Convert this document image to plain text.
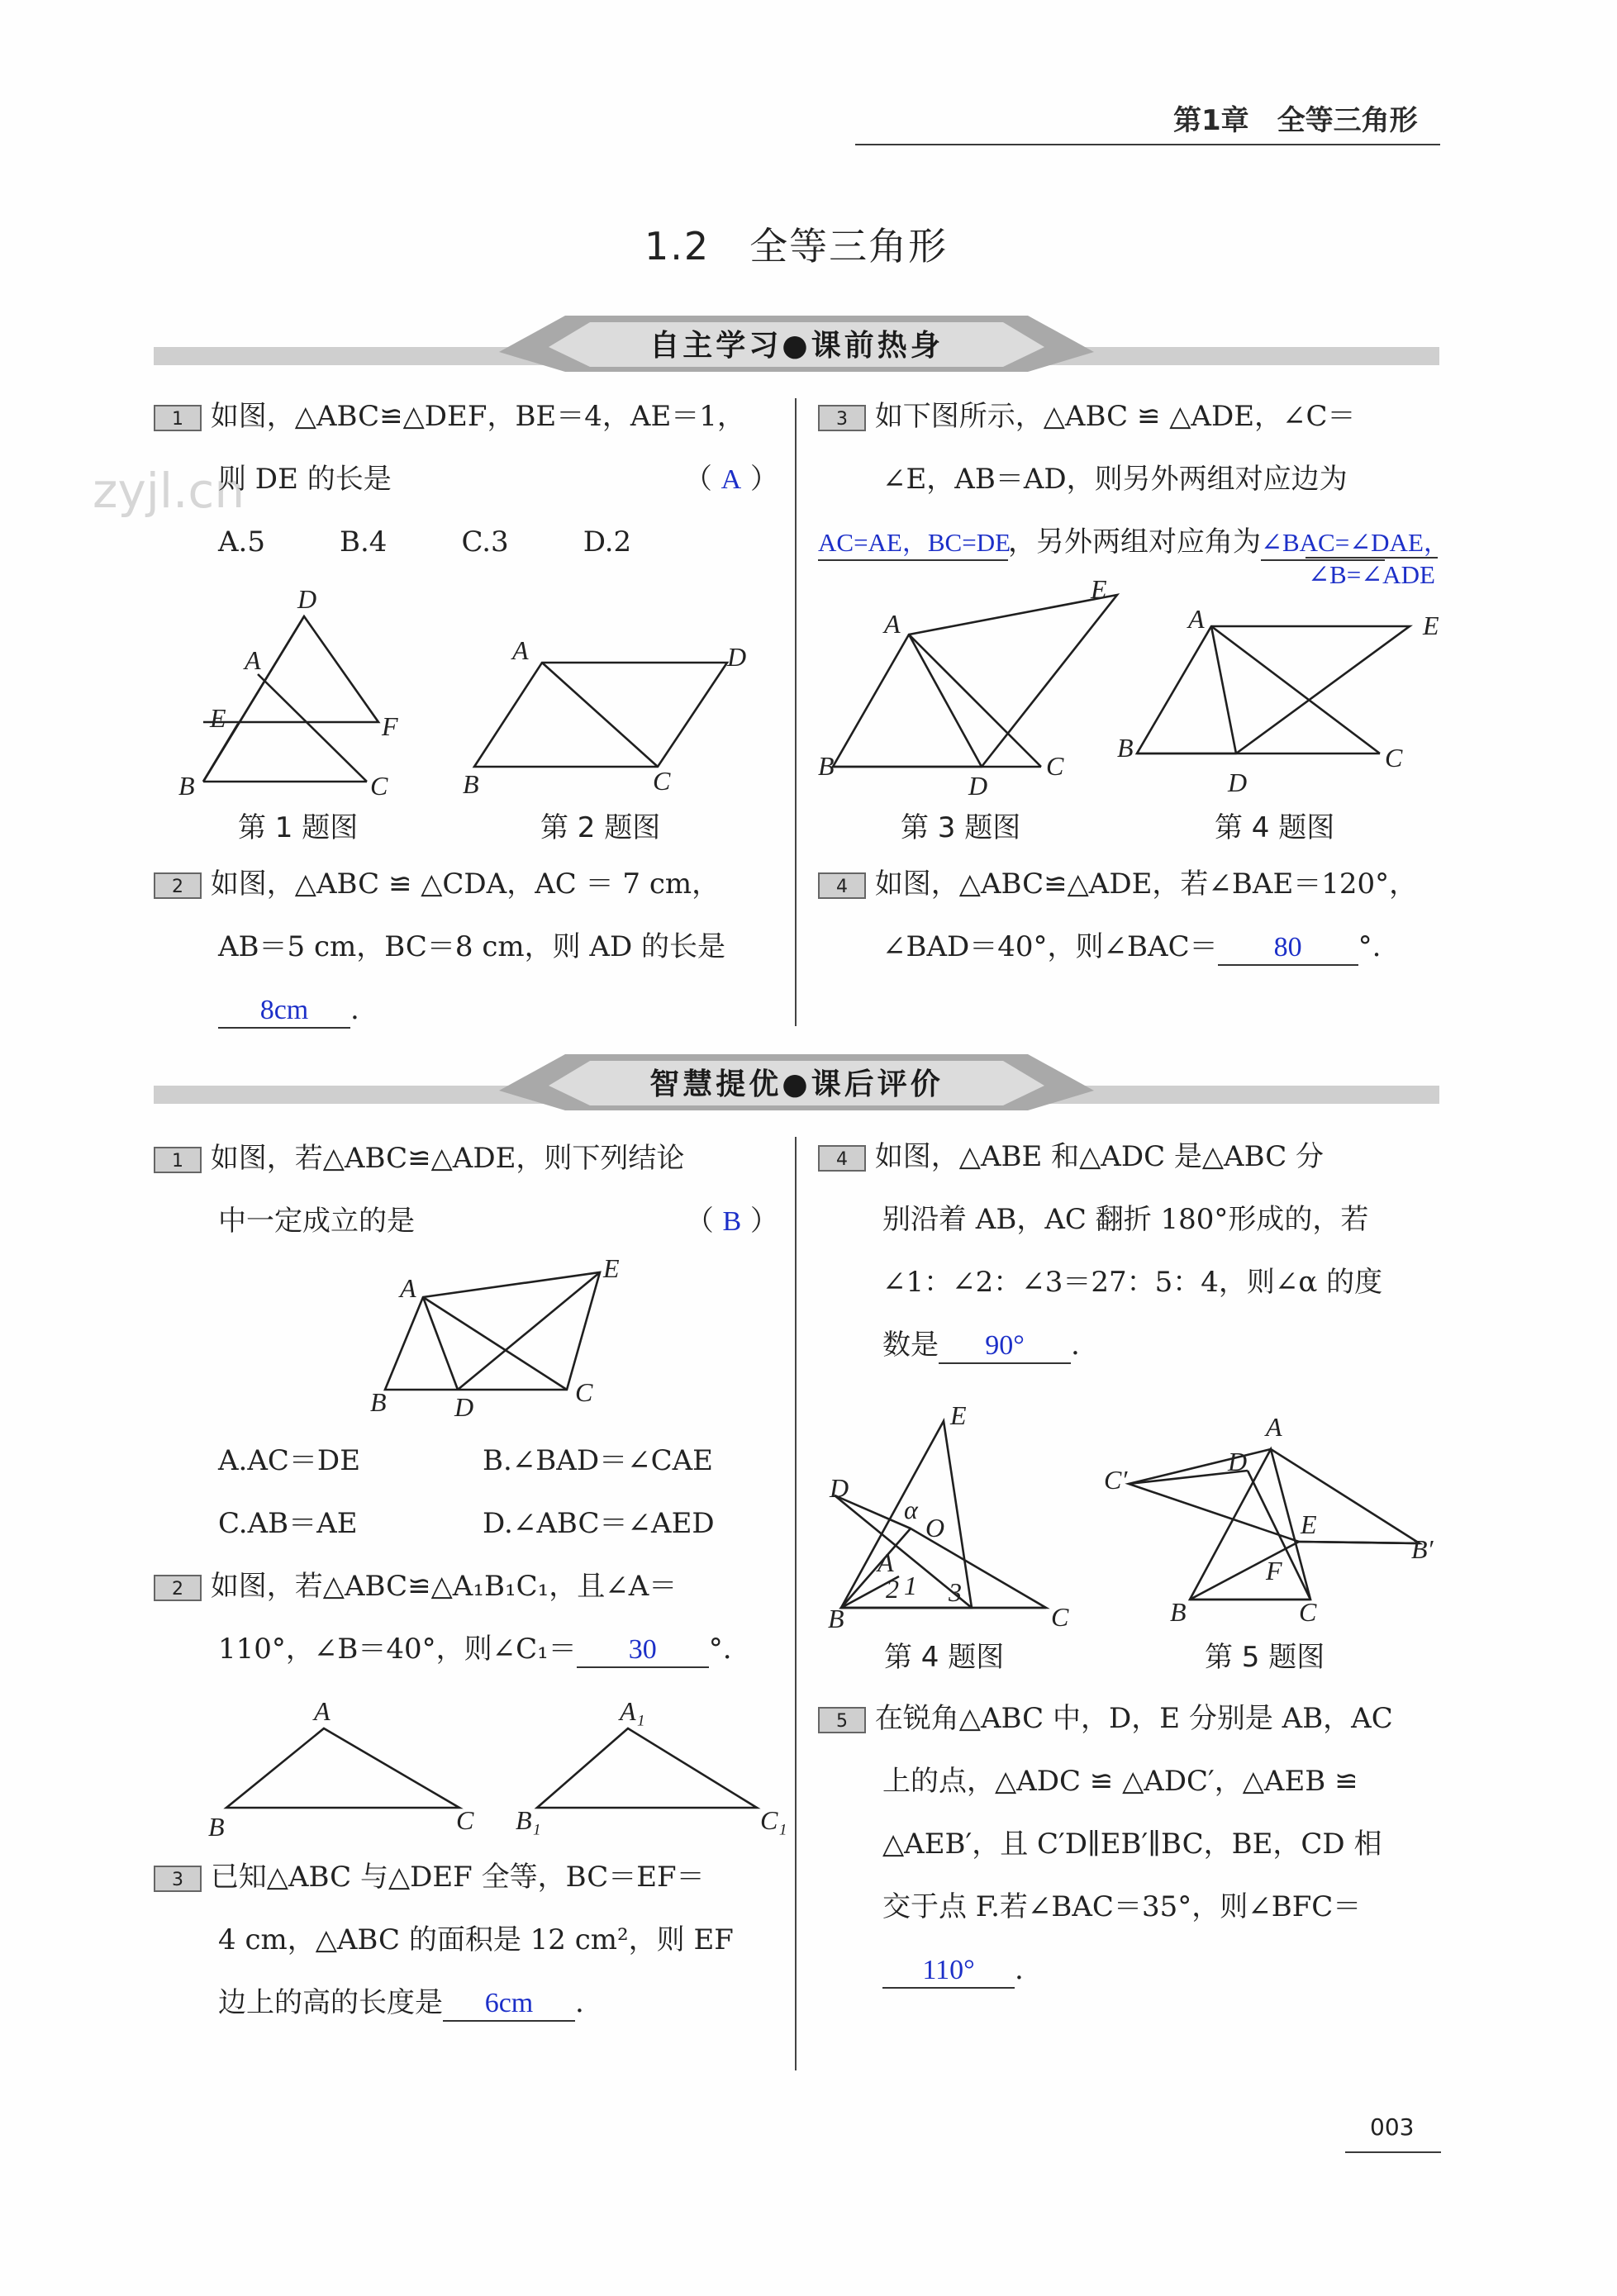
第1章　全等三角形
zyjl.cn
1.2　全等三角形
自主学习●课前热身
1 如图，△ABC≌△DEF，BE＝4，AE＝1，
则 DE 的长是	（ A ）
A.5	B.4	C.3	D.2
D
A
E	F
B	C
A	D
B	C
第 1 题图	第 2 题图
2 如图，△ABC ≌ △CDA，AC ＝ 7 cm，
AB＝5 cm，BC＝8 cm，则 AD 的长是
8cm .
3 如下图所示，△ABC ≌ △ADE，∠C＝
∠E，AB＝AD，则另外两组对应边为
AC=AE，BC=DE，另外两组对应角为∠BAC=∠DAE，
∠B=∠ADE
A
E
B
D
C
A	E
B
D
C
第 3 题图	第 4 题图
4 如图，△ABC≌△ADE，若∠BAE＝120°，
∠BAD＝40°，则∠BAC＝ 80 °.
智慧提优●课后评价
1 如图，若△ABC≌△ADE，则下列结论
中一定成立的是	（ B ）
A
E
B	D	C
A.AC＝DE	B.∠BAD＝∠CAE
C.AB＝AE	D.∠ABC＝∠AED
2 如图，若△ABC≌△A₁B₁C₁，且∠A＝
110°，∠B＝40°，则∠C₁＝ 30 °.
A
B	C
A₁
B₁	C₁
3 已知△ABC 与△DEF 全等，BC＝EF＝
4 cm，△ABC 的面积是 12 cm²，则 EF
边上的高的长度是 6cm .
4 如图，△ABE 和△ADC 是△ABC 分
别沿着 AB，AC 翻折 180°形成的，若
∠1：∠2：∠3＝27：5：4，则∠α 的度
数是 90° .
E
D
α
O
A
2 1 3
B	C
A
D
C′
E
F
B′
B	C
第 4 题图	第 5 题图
5 在锐角△ABC 中，D，E 分别是 AB，AC
上的点，△ADC ≌ △ADC′，△AEB ≌
△AEB′，且 C′D∥EB′∥BC，BE，CD 相
交于点 F.若∠BAC＝35°，则∠BFC＝
110° .
003
